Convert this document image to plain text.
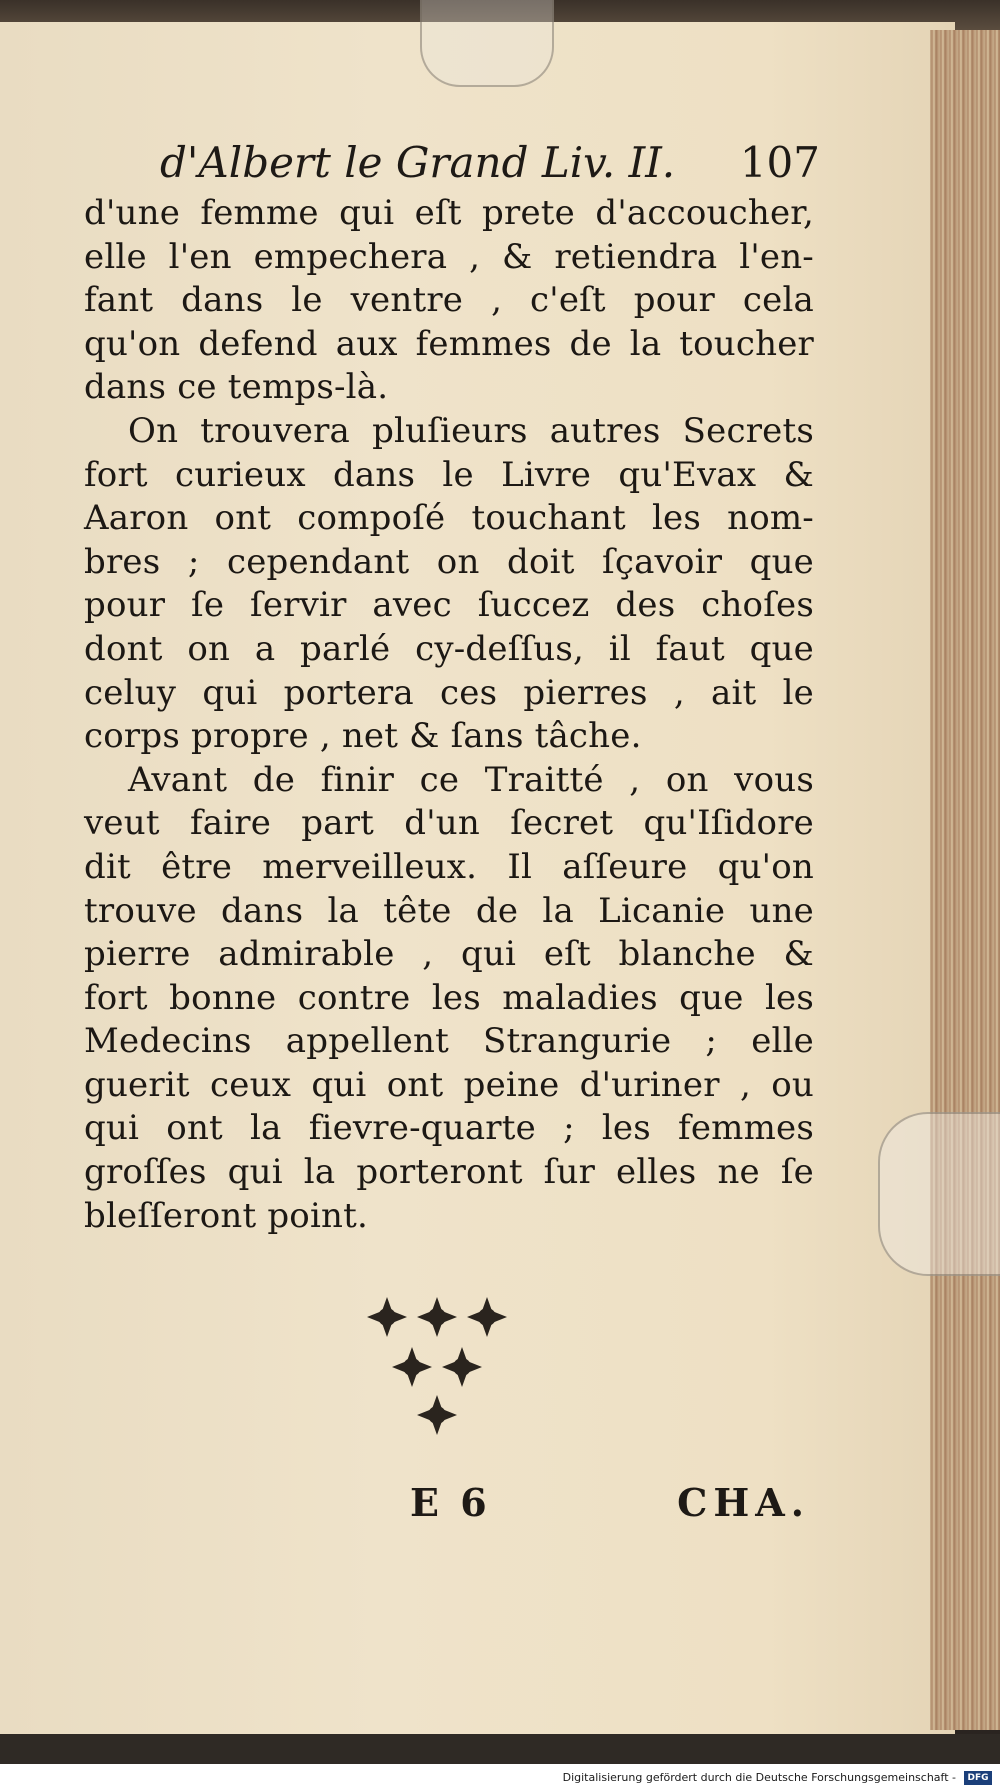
d'Albert le Grand Liv. II. 107
d'une femme qui eſt prete d'accoucher,
elle l'en empechera , & retiendra l'en-
fant dans le ventre , c'eſt pour cela
qu'on defend aux femmes de la toucher
dans ce temps-là.
On trouvera pluſieurs autres Secrets
fort curieux dans le Livre qu'Evax &
Aaron ont compoſé touchant les nom-
bres ; cependant on doit ſçavoir que
pour ſe ſervir avec ſuccez des choſes
dont on a parlé cy-deſſus, il faut que
celuy qui portera ces pierres , ait le
corps propre , net & ſans tâche.
Avant de finir ce Traitté , on vous
veut faire part d'un ſecret qu'Iſidore
dit être merveilleux. Il aſſeure qu'on
trouve dans la tête de la Licanie une
pierre admirable , qui eſt blanche &
fort bonne contre les maladies que les
Medecins appellent Strangurie ; elle
guerit ceux qui ont peine d'uriner , ou
qui ont la fievre-quarte ; les femmes
groſſes qui la porteront ſur elles ne ſe
bleſſeront point.
E 6	CHA.
Digitalisierung gefördert durch die Deutsche Forschungsgemeinschaft -	DFG
